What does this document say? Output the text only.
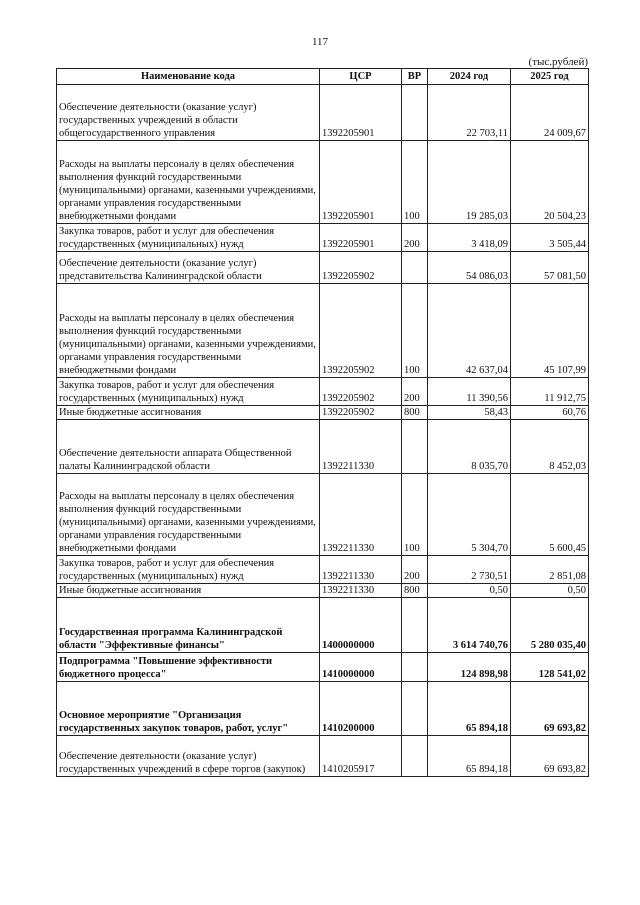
117
(тыс.рублей)
Наименование кода	ЦСР	ВР	2024 год	2025 год
Обеспечение деятельности (оказание услуг) государственных учреждений в области общегосударственного управления	1392205901		22 703,11	24 009,67
Расходы на выплаты персоналу в целях обеспечения выполнения функций государственными (муниципальными) органами, казенными учреждениями, органами управления государственными внебюджетными фондами	1392205901	100	19 285,03	20 504,23
Закупка товаров, работ и услуг для обеспечения государственных (муниципальных) нужд	1392205901	200	3 418,09	3 505,44
Обеспечение деятельности (оказание услуг) представительства Калининградской области	1392205902		54 086,03	57 081,50
Расходы на выплаты персоналу в целях обеспечения выполнения функций государственными (муниципальными) органами, казенными учреждениями, органами управления государственными внебюджетными фондами	1392205902	100	42 637,04	45 107,99
Закупка товаров, работ и услуг для обеспечения государственных (муниципальных) нужд	1392205902	200	11 390,56	11 912,75
Иные бюджетные ассигнования	1392205902	800	58,43	60,76
Обеспечение деятельности аппарата Общественной палаты Калининградской области	1392211330		8 035,70	8 452,03
Расходы на выплаты персоналу в целях обеспечения выполнения функций государственными (муниципальными) органами, казенными учреждениями, органами управления государственными внебюджетными фондами	1392211330	100	5 304,70	5 600,45
Закупка товаров, работ и услуг для обеспечения государственных (муниципальных) нужд	1392211330	200	2 730,51	2 851,08
Иные бюджетные ассигнования	1392211330	800	0,50	0,50
Государственная программа Калининградской области "Эффективные финансы"	1400000000		3 614 740,76	5 280 035,40
Подпрограмма "Повышение эффективности бюджетного процесса"	1410000000		124 898,98	128 541,02
Основное мероприятие "Организация государственных закупок товаров, работ, услуг"	1410200000		65 894,18	69 693,82
Обеспечение деятельности (оказание услуг) государственных учреждений в сфере торгов (закупок)	1410205917		65 894,18	69 693,82
